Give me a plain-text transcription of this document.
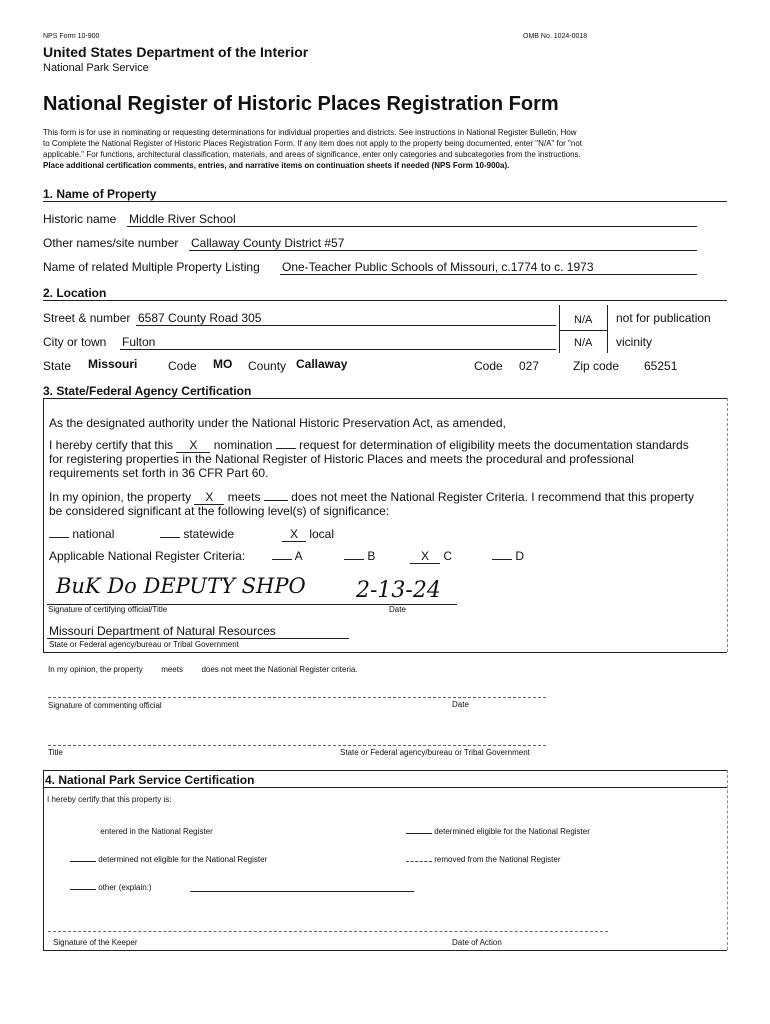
NPS Form 10-900	OMB No. 1024-0018
United States Department of the Interior
National Park Service
National Register of Historic Places Registration Form
This form is for use in nominating or requesting determinations for individual properties and districts. See instructions in National Register Bulletin, How
to Complete the National Register of Historic Places Registration Form. If any item does not apply to the property being documented, enter "N/A" for "not
applicable." For functions, architectural classification, materials, and areas of significance, enter only categories and subcategories from the instructions.
Place additional certification comments, entries, and narrative items on continuation sheets if needed (NPS Form 10-900a).
1. Name of Property
Historic name Middle River School
Other names/site number Callaway County District #57
Name of related Multiple Property Listing One-Teacher Public Schools of Missouri, c.1774 to c. 1973
2. Location
Street & number 6587 County Road 305	N/A not for publication
City or town Fulton	N/A vicinity
State Missouri	Code MO County Callaway	Code 027	Zip code 65251
3. State/Federal Agency Certification
As the designated authority under the National Historic Preservation Act, as amended,
I hereby certify that this X nomination request for determination of eligibility meets the documentation standards
for registering properties in the National Register of Historic Places and meets the procedural and professional
requirements set forth in 36 CFR Part 60.
In my opinion, the property X meets	does not meet the National Register Criteria. I recommend that this property
be considered significant at the following level(s) of significance:
national	statewide	X local
Applicable National Register Criteria:	A	B	X C	D
BuK Do DEPUTY SHPO 2-13-24
Signature of certifying official/Title	Date
Missouri Department of Natural Resources
State or Federal agency/bureau or Tribal Government
In my opinion, the property meets does not meet the National Register criteria.
Signature of commenting official	Date
Title	State or Federal agency/bureau or Tribal Government
4. National Park Service Certification
I hereby certify that this property is:
entered in the National Register	determined eligible for the National Register
determined not eligible for the National Register	removed from the National Register
other (explain:)
Signature of the Keeper	Date of Action
